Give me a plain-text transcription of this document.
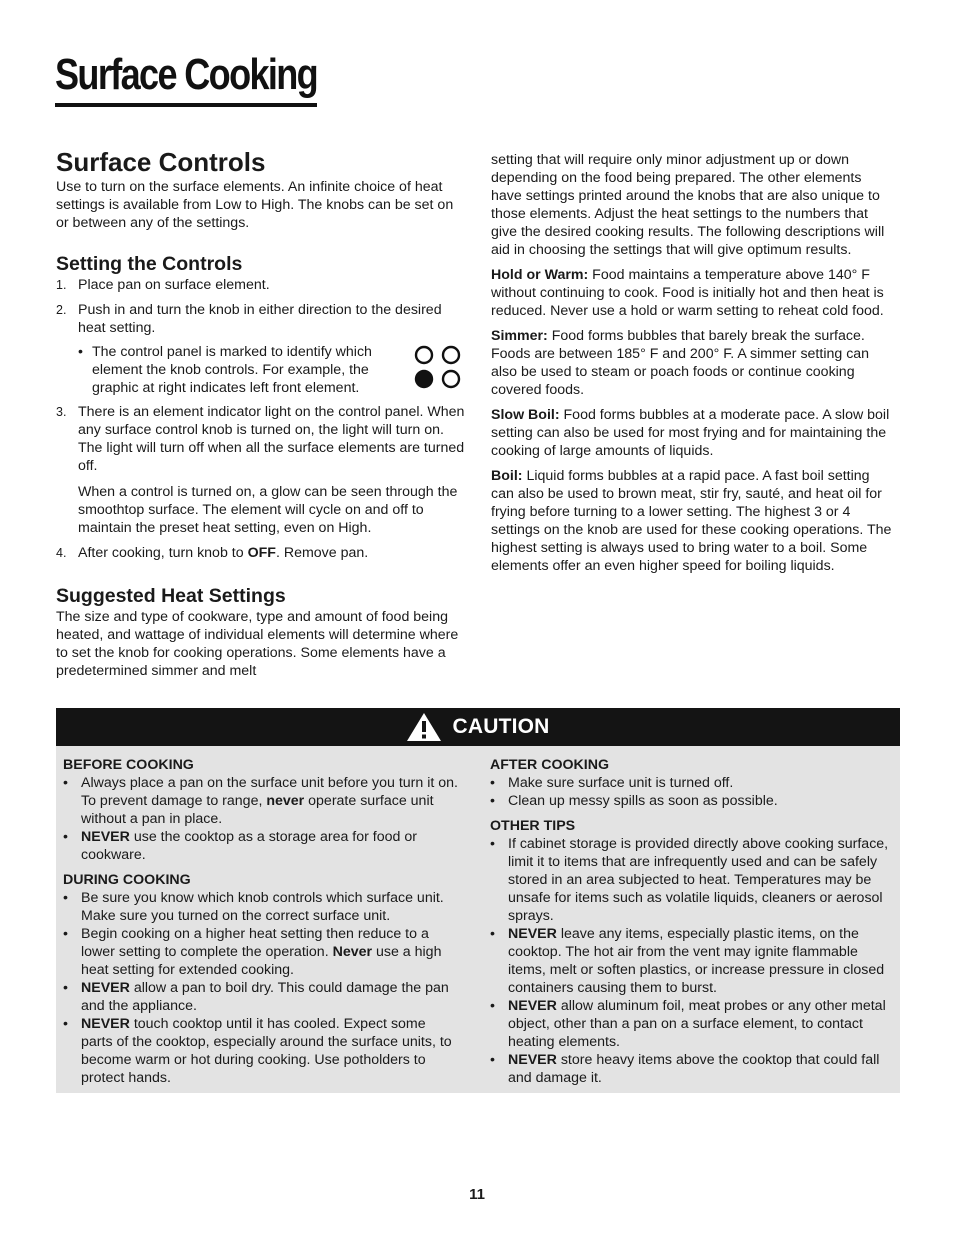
Surface Cooking
Surface Controls

Use to turn on the surface elements. An infinite choice of heat settings is available from Low to High. The knobs can be set on or between any of the settings.

Setting the Controls
1. Place pan on surface element.
2. Push in and turn the knob in either direction to the desired heat setting.
• The control panel is marked to identify which element the knob controls. For example, the graphic at right indicates left front element.
3. There is an element indicator light on the control panel. When any surface control knob is turned on, the light will turn on. The light will turn off when all the surface elements are turned off.

When a control is turned on, a glow can be seen through the smoothtop surface. The element will cycle on and off to maintain the preset heat setting, even on High.

4. After cooking, turn knob to OFF. Remove pan.
Suggested Heat Settings

The size and type of cookware, type and amount of food being heated, and wattage of individual elements will determine where to set the knob for cooking operations. Some elements have a predetermined simmer and melt

setting that will require only minor adjustment up or down depending on the food being prepared. The other elements have settings printed around the knobs that are also unique to those elements. Adjust the heat settings to the numbers that give the desired cooking results. The following descriptions will aid in choosing the settings that will give optimum results.

Hold or Warm: Food maintains a temperature above 140° F without continuing to cook. Food is initially hot and then heat is reduced. Never use a hold or warm setting to reheat cold food.

Simmer: Food forms bubbles that barely break the surface. Foods are between 185° F and 200° F. A simmer setting can also be used to steam or poach foods or continue cooking covered foods.

Slow Boil: Food forms bubbles at a moderate pace. A slow boil setting can also be used for most frying and for maintaining the cooking of large amounts of liquids.

Boil: Liquid forms bubbles at a rapid pace. A fast boil setting can also be used to brown meat, stir fry, sauté, and heat oil for frying before turning to a lower setting. The highest 3 or 4 settings on the knob are used for these cooking operations. The highest setting is always used to bring water to a boil. Some elements offer an even higher speed for boiling liquids.

CAUTION

BEFORE COOKING

• Always place a pan on the surface unit before you turn it on. To prevent damage to range, never operate surface unit without a pan in place.
• NEVER use the cooktop as a storage area for food or cookware.

DURING COOKING

• Be sure you know which knob controls which surface unit. Make sure you turned on the correct surface unit.
• Begin cooking on a higher heat setting then reduce to a lower setting to complete the operation. Never use a high heat setting for extended cooking.
• NEVER allow a pan to boil dry. This could damage the pan and the appliance.
• NEVER touch cooktop until it has cooled. Expect some parts of the cooktop, especially around the surface units, to become warm or hot during cooking. Use potholders to protect hands.

AFTER COOKING

• Make sure surface unit is turned off.
• Clean up messy spills as soon as possible.

OTHER TIPS

• If cabinet storage is provided directly above cooking surface, limit it to items that are infrequently used and can be safely stored in an area subjected to heat. Temperatures may be unsafe for items such as volatile liquids, cleaners or aerosol sprays.
• NEVER leave any items, especially plastic items, on the cooktop. The hot air from the vent may ignite flammable items, melt or soften plastics, or increase pressure in closed containers causing them to burst.
• NEVER allow aluminum foil, meat probes or any other metal object, other than a pan on a surface element, to contact heating elements.
• NEVER store heavy items above the cooktop that could fall and damage it.
11
